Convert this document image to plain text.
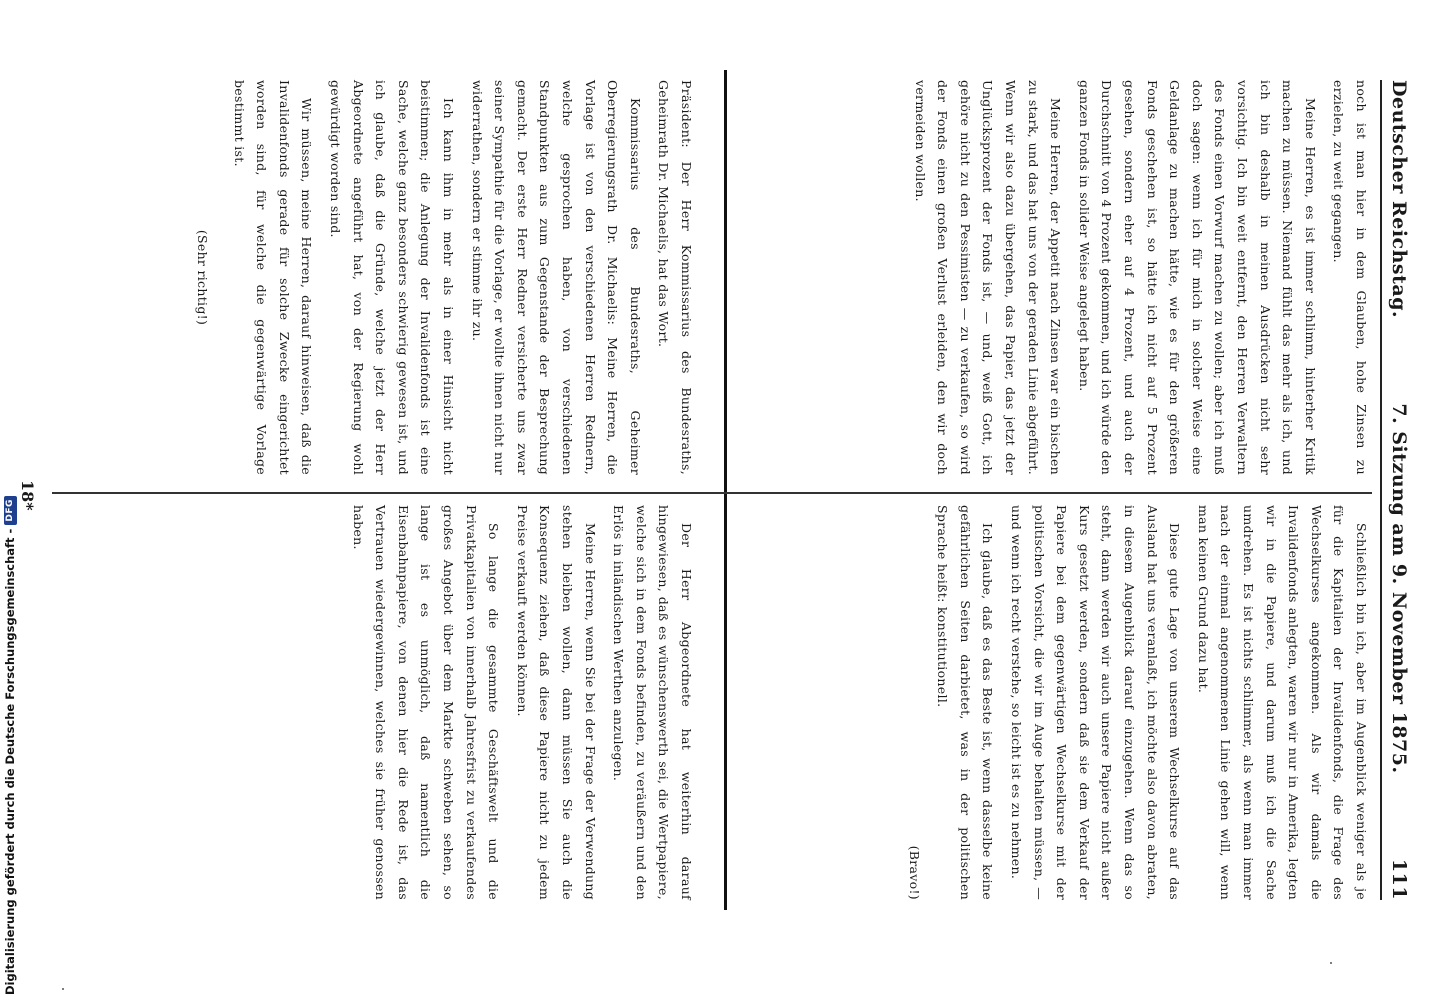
Deutscher Reichstag.
7. Sitzung am 9. November 1875.
111

noch ist man hier in dem Glauben, hohe Zinsen zu erzielen, zu weit gegangen.

Meine Herren, es ist immer schlimm, hinterher Kritik machen zu müssen. Niemand fühlt das mehr als ich, und ich bin deshalb in meinen Ausdrücken nicht sehr vorsichtig. Ich bin weit entfernt, den Herren Verwaltern des Fonds einen Vorwurf machen zu wollen; aber ich muß doch sagen: wenn ich für mich in solcher Weise eine Geldanlage zu machen hätte, wie es für den größeren Fonds geschehen ist, so hätte ich nicht auf 5 Prozent gesehen, sondern eher auf 4 Prozent, und auch der Durchschnitt von 4 Prozent gekommen, und ich würde den ganzen Fonds in solider Weise angelegt haben.

Meine Herren, der Appetit nach Zinsen war ein bischen zu stark, und das hat uns von der geraden Linie abgeführt. Wenn wir also dazu übergehen, das Papier, das jetzt der Unglücksprozent der Fonds ist, — und, weiß Gott, ich gehöre nicht zu den Pessimisten — zu verkaufen, so wird der Fonds einen großen Verlust erleiden, den wir doch vermeiden wollen.

Schließlich bin ich, aber im Augenblick weniger als je für die Kapitalien der Invalidenfonds, die Frage des Wechselkurses angekommen. Als wir damals die Invalidenfonds anlegten, waren wir nur in Amerika, legten wir in die Papiere, und darum muß ich die Sache umdrehen. Es ist nichts schlimmer, als wenn man immer nach der einmal angenommenen Linie gehen will, wenn man keinen Grund dazu hat.

Diese gute Lage von unserem Wechselkurse auf das Ausland hat uns veranlaßt, ich möchte also davon abraten, in diesem Augenblick darauf einzugehen. Wenn das so steht, dann werden wir auch unsere Papiere nicht außer Kurs gesetzt werden, sondern daß sie dem Verkauf der Papiere bei dem gegenwärtigen Wechselkurse mit der politischen Vorsicht, die wir im Auge behalten müssen, — und wenn ich recht verstehe, so leicht ist es zu nehmen.

Ich glaube, daß es das Beste ist, wenn dasselbe keine gefährlichen Seiten darbietet, was in der politischen Sprache heißt: konstitutionell.

(Bravo!)

Präsident: Der Herr Kommissarius des Bundesraths, Geheimrath Dr. Michaelis, hat das Wort.

Kommissarius des Bundesraths, Geheimer Oberregierungsrath Dr. Michaelis: Meine Herren, die Vorlage ist von den verschiedenen Herren Rednern, welche gesprochen haben, von verschiedenen Standpunkten aus zum Gegenstande der Besprechung gemacht. Der erste Herr Redner versicherte uns zwar seiner Sympathie für die Vorlage, er wollte ihnen nicht nur widerrathen, sondern er stimme ihr zu.

Ich kann ihm in mehr als in einer Hinsicht nicht beistimmen; die Anlegung der Invalidenfonds ist eine Sache, welche ganz besonders schwierig gewesen ist, und ich glaube, daß die Gründe, welche jetzt der Herr Abgeordnete angeführt hat, von der Regierung wohl gewürdigt worden sind.

Wir müssen, meine Herren, darauf hinweisen, daß die Invalidenfonds gerade für solche Zwecke eingerichtet worden sind, für welche die gegenwärtige Vorlage bestimmt ist.

(Sehr richtig!)

Der Herr Abgeordnete hat weiterhin darauf hingewiesen, daß es wünschenswerth sei, die Wertpapiere, welche sich in dem Fonds befinden, zu veräußern und den Erlös in inländischen Werthen anzulegen.

Meine Herren, wenn Sie bei der Frage der Verwendung stehen bleiben wollen, dann müssen Sie auch die Konsequenz ziehen, daß diese Papiere nicht zu jedem Preise verkauft werden können.

So lange die gesammte Geschäftswelt und die Privatkapitalien von innerhalb Jahresfrist zu verkaufendes großes Angebot über dem Markte schweben sehen, so lange ist es unmöglich, daß namentlich die Eisenbahnpapiere, von denen hier die Rede ist, das Vertrauen wiedergewinnen, welches sie früher genossen haben.

18*
Digitalisierung gefördert durch die Deutsche Forschungsgemeinschaft -
DFG
